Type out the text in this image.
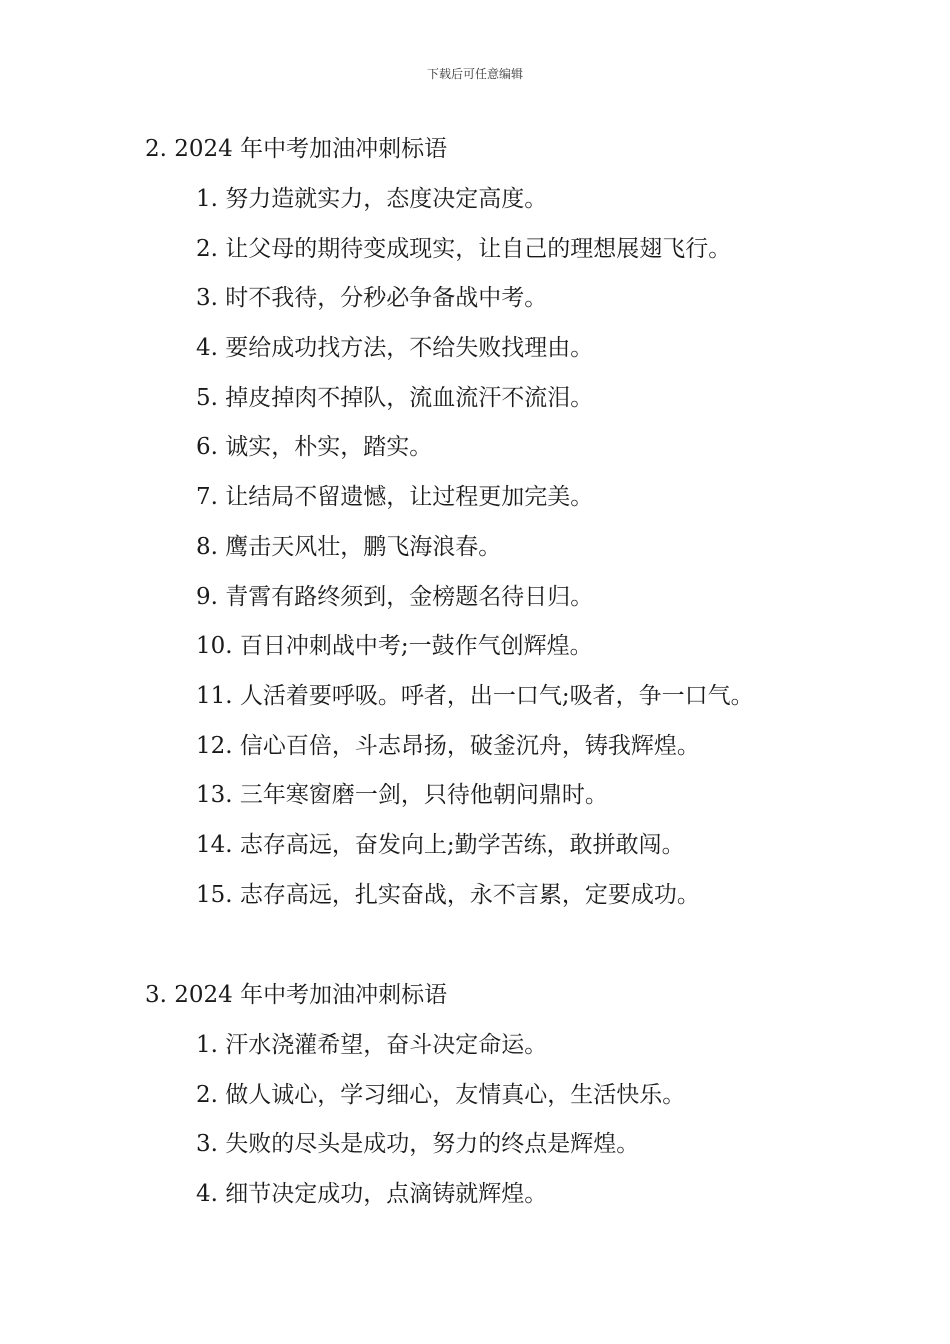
下载后可任意编辑
2. 2024 年中考加油冲刺标语
1. 努力造就实力，态度决定高度。
2. 让父母的期待变成现实，让自己的理想展翅飞行。
3. 时不我待，分秒必争备战中考。
4. 要给成功找方法，不给失败找理由。
5. 掉皮掉肉不掉队，流血流汗不流泪。
6. 诚实，朴实，踏实。
7. 让结局不留遗憾，让过程更加完美。
8. 鹰击天风壮，鹏飞海浪春。
9. 青霄有路终须到，金榜题名待日归。
10. 百日冲刺战中考;一鼓作气创辉煌。
11. 人活着要呼吸。呼者，出一口气;吸者，争一口气。
12. 信心百倍，斗志昂扬，破釜沉舟，铸我辉煌。
13. 三年寒窗磨一剑，只待他朝问鼎时。
14. 志存高远，奋发向上;勤学苦练，敢拼敢闯。
15. 志存高远，扎实奋战，永不言累，定要成功。
3. 2024 年中考加油冲刺标语
1. 汗水浇灌希望，奋斗决定命运。
2. 做人诚心，学习细心，友情真心，生活快乐。
3. 失败的尽头是成功，努力的终点是辉煌。
4. 细节决定成功，点滴铸就辉煌。
